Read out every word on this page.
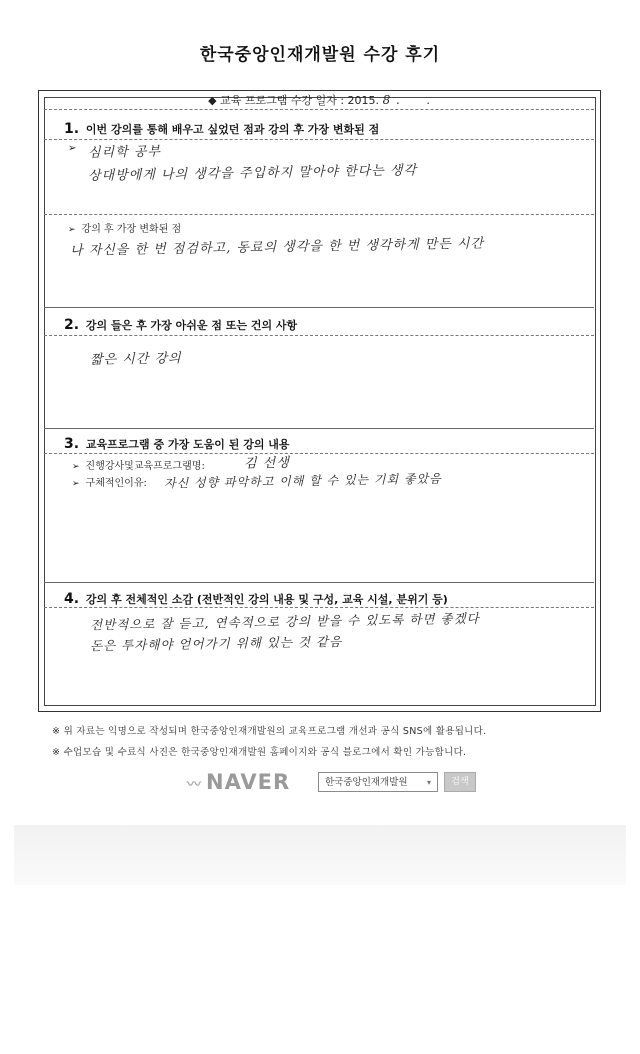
한국중앙인재개발원 수강 후기
◆ 교육 프로그램 수강 일자 : 2015. 8 . .
1. 이번 강의를 통해 배우고 싶었던 점과 강의 후 가장 변화된 점
➢ 심리학 공부
상대방에게 나의 생각을 주입하지 말아야 한다는 생각
➢ 강의 후 가장 변화된 점
나 자신을 한 번 점검하고, 동료의 생각을 한 번 생각하게 만든 시간
2. 강의 들은 후 가장 아쉬운 점 또는 건의 사항
짧은 시간 강의
3. 교육프로그램 중 가장 도움이 된 강의 내용
➢ 진행강사및교육프로그램명:	김 선생
➢ 구체적인이유: 자신 성향 파악하고 이해 할 수 있는 기회 좋았음
4. 강의 후 전체적인 소감 (전반적인 강의 내용 및 구성, 교육 시설, 분위기 등)
전반적으로 잘 듣고, 연속적으로 강의 받을 수 있도록 하면 좋겠다
돈은 투자해야 얻어가기 위해 있는 것 같음
※ 위 자료는 익명으로 작성되며 한국중앙인재개발원의 교육프로그램 개선과 공식 SNS에 활용됩니다.
※ 수업모습 및 수료식 사진은 한국중앙인재개발원 홈페이지와 공식 블로그에서 확인 가능합니다.
〰 NAVER	한국중앙인재개발원 ▾	검색
